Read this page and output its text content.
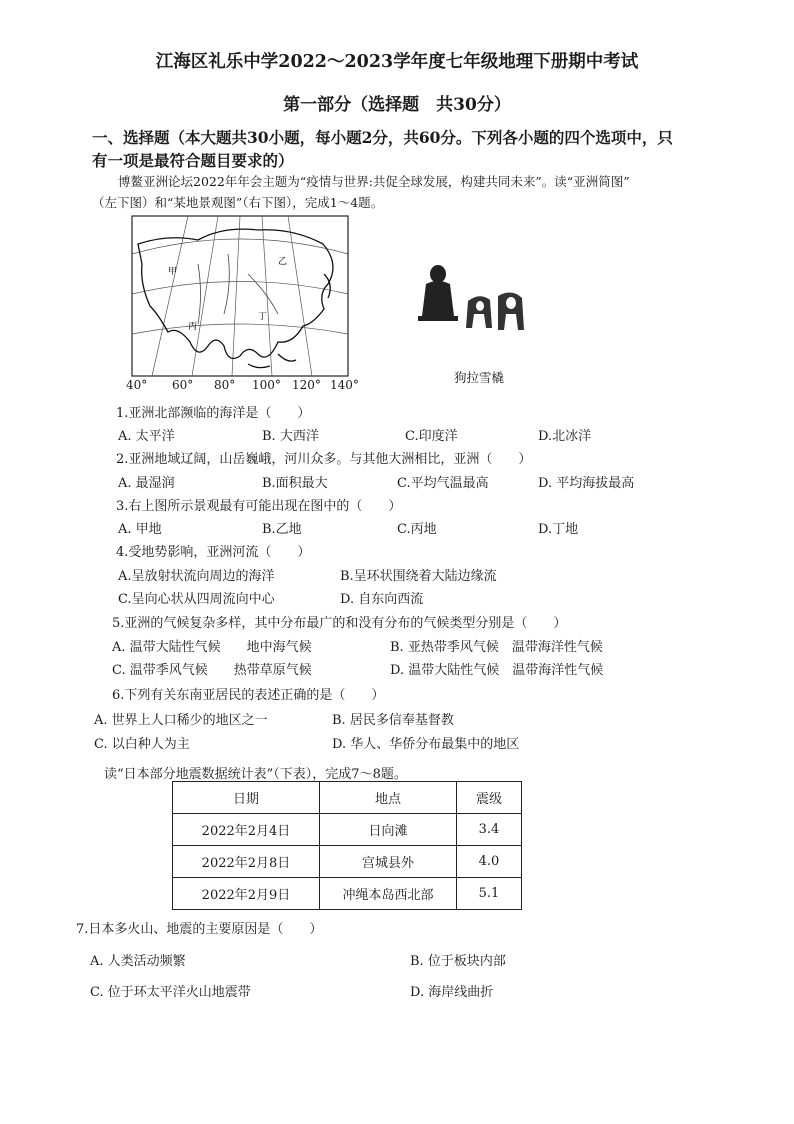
江海区礼乐中学2022～2023学年度七年级地理下册期中考试
第一部分（选择题　共30分）
一、选择题（本大题共30小题，每小题2分，共60分。下列各小题的四个选项中，只
有一项是最符合题目要求的）
博鳌亚洲论坛2022年年会主题为“疫情与世界:共促全球发展，构建共同未来”。读“亚洲简图”
（左下图）和“某地景观图”（右下图），完成1～4题。
甲
乙
丙
丁
40° 60° 80° 100° 120° 140°	狗拉雪橇
1.亚洲北部濒临的海洋是（　　）
A. 太平洋	B. 大西洋	C.印度洋	D.北冰洋
2.亚洲地域辽阔，山岳巍峨，河川众多。与其他大洲相比，亚洲（　　）
A. 最湿润	B.面积最大	C.平均气温最高	D. 平均海拔最高
3.右上图所示景观最有可能出现在图中的（　　）
A. 甲地	B.乙地	C.丙地	D.丁地
4.受地势影响，亚洲河流（　　）
A.呈放射状流向周边的海洋	B.呈环状围绕着大陆边缘流
C.呈向心状从四周流向中心	D. 自东向西流
5.亚洲的气候复杂多样，其中分布最广的和没有分布的气候类型分别是（　　）
A. 温带大陆性气候　　地中海气候	B. 亚热带季风气候　温带海洋性气候
C. 温带季风气候　　热带草原气候	D. 温带大陆性气候　温带海洋性气候
6.下列有关东南亚居民的表述正确的是（　　）
A. 世界上人口稀少的地区之一	B. 居民多信奉基督教
C. 以白种人为主	D. 华人、华侨分布最集中的地区
读“日本部分地震数据统计表”（下表），完成7～8题。
日期	地点	震级
2022年2月4日	日向滩	3.4
2022年2月8日	宫城县外	4.0
2022年2月9日	冲绳本岛西北部	5.1
7.日本多火山、地震的主要原因是（　　）
A. 人类活动频繁	B. 位于板块内部
C. 位于环太平洋火山地震带	D. 海岸线曲折
